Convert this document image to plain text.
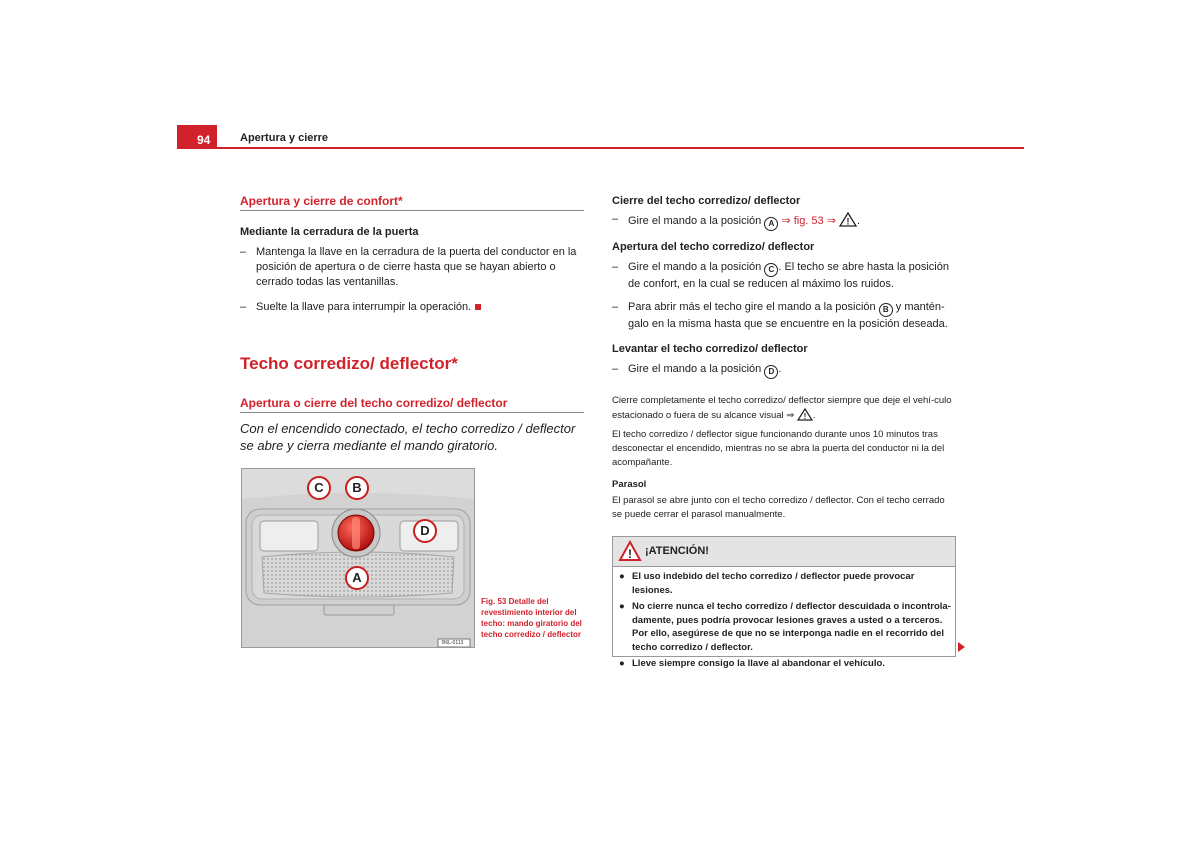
94	Apertura y cierre
Apertura y cierre de confort*
Mediante la cerradura de la puerta
– Mantenga la llave en la cerradura de la puerta del conductor en la posición de apertura o de cierre hasta que se hayan abierto o cerrado todas las ventanillas.
– Suelte la llave para interrumpir la operación.
Techo corredizo/ deflector*
Apertura o cierre del techo corredizo/ deflector
Con el encendido conectado, el techo corredizo / deflector se abre y cierra mediante el mando giratorio.
C	B
D
A
B6L-0113
Fig. 53 Detalle del revestimiento interior del techo: mando giratorio del techo corredizo / deflector
Cierre del techo corredizo/ deflector
– Gire el mando a la posición A ⇒ fig. 53 ⇒ ! .
Apertura del techo corredizo/ deflector
– Gire el mando a la posición C . El techo se abre hasta la posición de confort, en la cual se reducen al máximo los ruidos.
– Para abrir más el techo gire el mando a la posición B y mantén-galo en la misma hasta que se encuentre en la posición deseada.
Levantar el techo corredizo/ deflector
– Gire el mando a la posición D .
Cierre completamente el techo corredizo/ deflector siempre que deje el vehí-culo estacionado o fuera de su alcance visual ⇒ ! .
El techo corredizo / deflector sigue funcionando durante unos 10 minutos tras desconectar el encendido, mientras no se abra la puerta del conductor ni la del acompañante.
Parasol
El parasol se abre junto con el techo corredizo / deflector. Con el techo cerrado se puede cerrar el parasol manualmente.
! ¡ATENCIÓN!
● El uso indebido del techo corredizo / deflector puede provocar lesiones.
● No cierre nunca el techo corredizo / deflector descuidada o incontrola-damente, pues podría provocar lesiones graves a usted o a terceros. Por ello, asegúrese de que no se interponga nadie en el recorrido del techo corredizo / deflector.
● Lleve siempre consigo la llave al abandonar el vehículo.
